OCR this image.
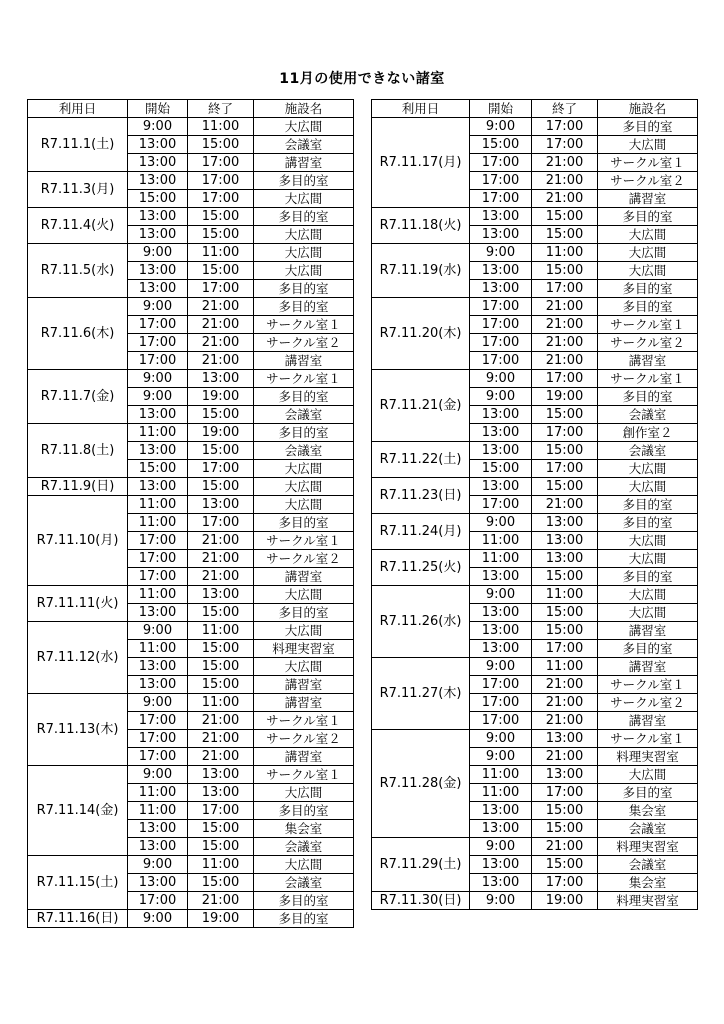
11月の使用できない諸室
利用日	開始	終了	施設名
R7.11.1(土)	9:00	11:00	大広間
	13:00	15:00	会議室
	13:00	17:00	講習室
R7.11.3(月)	13:00	17:00	多目的室
	15:00	17:00	大広間
R7.11.4(火)	13:00	15:00	多目的室
	13:00	15:00	大広間
R7.11.5(水)	9:00	11:00	大広間
	13:00	15:00	大広間
	13:00	17:00	多目的室
R7.11.6(木)	9:00	21:00	多目的室
	17:00	21:00	サークル室１
	17:00	21:00	サークル室２
	17:00	21:00	講習室
R7.11.7(金)	9:00	13:00	サークル室１
	9:00	19:00	多目的室
	13:00	15:00	会議室
R7.11.8(土)	11:00	19:00	多目的室
	13:00	15:00	会議室
	15:00	17:00	大広間
R7.11.9(日)	13:00	15:00	大広間
R7.11.10(月)	11:00	13:00	大広間
	11:00	17:00	多目的室
	17:00	21:00	サークル室１
	17:00	21:00	サークル室２
	17:00	21:00	講習室
R7.11.11(火)	11:00	13:00	大広間
	13:00	15:00	多目的室
R7.11.12(水)	9:00	11:00	大広間
	11:00	15:00	料理実習室
	13:00	15:00	大広間
	13:00	15:00	講習室
R7.11.13(木)	9:00	11:00	講習室
	17:00	21:00	サークル室１
	17:00	21:00	サークル室２
	17:00	21:00	講習室
R7.11.14(金)	9:00	13:00	サークル室１
	11:00	13:00	大広間
	11:00	17:00	多目的室
	13:00	15:00	集会室
	13:00	15:00	会議室
R7.11.15(土)	9:00	11:00	大広間
	13:00	15:00	会議室
	17:00	21:00	多目的室
R7.11.16(日)	9:00	19:00	多目的室
利用日	開始	終了	施設名
R7.11.17(月)	9:00	17:00	多目的室
	15:00	17:00	大広間
	17:00	21:00	サークル室１
	17:00	21:00	サークル室２
	17:00	21:00	講習室
R7.11.18(火)	13:00	15:00	多目的室
	13:00	15:00	大広間
R7.11.19(水)	9:00	11:00	大広間
	13:00	15:00	大広間
	13:00	17:00	多目的室
R7.11.20(木)	17:00	21:00	多目的室
	17:00	21:00	サークル室１
	17:00	21:00	サークル室２
	17:00	21:00	講習室
R7.11.21(金)	9:00	17:00	サークル室１
	9:00	19:00	多目的室
	13:00	15:00	会議室
	13:00	17:00	創作室２
R7.11.22(土)	13:00	15:00	会議室
	15:00	17:00	大広間
R7.11.23(日)	13:00	15:00	大広間
	17:00	21:00	多目的室
R7.11.24(月)	9:00	13:00	多目的室
	11:00	13:00	大広間
R7.11.25(火)	11:00	13:00	大広間
	13:00	15:00	多目的室
R7.11.26(水)	9:00	11:00	大広間
	13:00	15:00	大広間
	13:00	15:00	講習室
	13:00	17:00	多目的室
R7.11.27(木)	9:00	11:00	講習室
	17:00	21:00	サークル室１
	17:00	21:00	サークル室２
	17:00	21:00	講習室
R7.11.28(金)	9:00	13:00	サークル室１
	9:00	21:00	料理実習室
	11:00	13:00	大広間
	11:00	17:00	多目的室
	13:00	15:00	集会室
	13:00	15:00	会議室
R7.11.29(土)	9:00	21:00	料理実習室
	13:00	15:00	会議室
	13:00	17:00	集会室
R7.11.30(日)	9:00	19:00	料理実習室
